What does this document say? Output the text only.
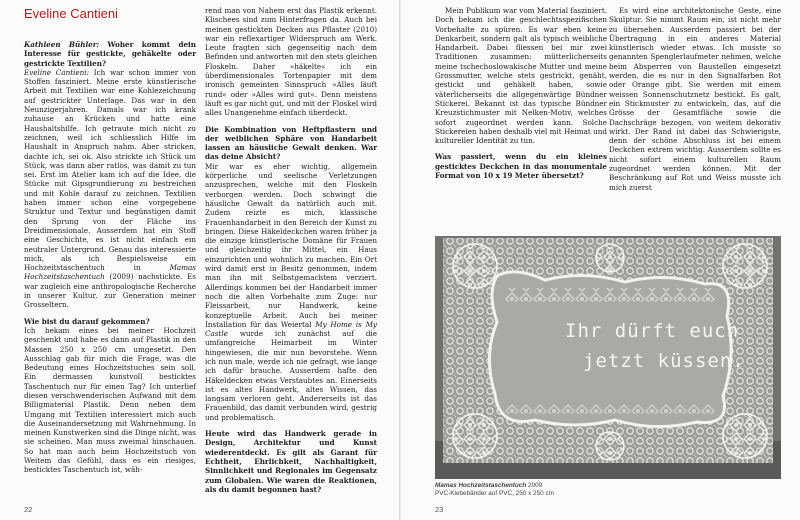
Eveline Cantieni

Kathleen Bühler: Woher kommt dein Interesse für gestickte, gehäkelte oder gestrickte Textilien?

Eveline Cantieni: Ich war schon immer von Stoffen fasziniert. Meine erste künstlerische Arbeit mit Textilien war eine Kohlezeichnung auf gestrickter Unterlage. Das war in den Neunzigerjahren. Damals war ich krank zuhause an Krücken und hatte eine Haushaltshilfe. Ich getraute mich nicht zu zeichnen, weil ich schliesslich Hilfe im Haushalt in Anspruch nahm. Aber stricken, dachte ich, sei ok. Also strickte ich Stück um Stück, was dann aber ratlos, was damit zu tun sei. Erst im Atelier kam ich auf die Idee, die Stücke mit Gipsgrundierung zu bestreichen und mit Kohle darauf zu zeichnen. Textilien haben immer schon eine vorgegebene Struktur und Textur und begünstigen damit den Sprung von der Fläche ins Dreidimensionale. Ausserdem hat ein Stoff eine Geschichte, es ist nicht einfach ein neutraler Untergrund. Genau das interessierte mich, als ich Bespielsweise ein Hochzeitstaschentuch in Mamas Hochzeitstaschentuch (2009) nachstickte. Es war zugleich eine anthropologische Recherche in unserer Kultur, zur Generation meiner Grosseltern.

Wie bist du darauf gekommen?

Ich bekam eines bei meiner Hochzeit geschenkt und habe es dann auf Plastik in den Massen 250 x 250 cm umgesetzt. Den Ausschlag gab für mich die Frage, was die Bedeutung eines Hochzeitstuches sein soll. Ein dermassen kunstvoll bestickt​es Taschentuch nur für einen Tag? Ich unterlief diesen verschwenderischen Aufwand mit dem Billigmaterial Plastik. Denn neben dem Umgang mit Textilien interessiert mich auch die Auseinandersetzung mit Wahrnehmung. In meinen Kunstwerken sind die Dinge nicht, was sie scheinen. Man muss zweimal hinschauen. So hat man auch beim Hochzeitstuch von Weitem das Gefühl, dass es ein riesiges, besticktes Taschentuch ist, wäh-

rend man von Nahem erst das Plastik erkennt. Klischees sind zum Hinterfragen da. Auch bei meinen gestickten Decken aus Pflaster (2010) war ein reflexartiger Widerspruch am Werk. Leute fragten sich gegenseitig nach dem Befinden und antworten mit den stets gleichen Floskeln. Daher »häkelte« ich ein überdimensionales Tortenpapier mit dem ironisch gemeinten Sinnspruch »Alles läuft rund« oder »Alles wird gut«. Denn meistens läuft es gar nicht gut, und mit der Floskel wird alles Unangenehme einfach überdeckt.

Die Kombination von Heftpflastern und der weiblichen Sphäre von Handarbeit lassen an häusliche Gewalt denken. War das deine Absicht?

Mir war es eher wichtig, allgemein körperliche und seelische Verletzungen anzusprechen, welche mit den Floskeln verborgen werden. Doch schwingt die häusliche Gewalt da natürlich auch mit. Zudem reizte es mich, klassische Frauenhandarbeit in den Bereich der Kunst zu bringen. Diese Häkeldeckchen waren früher ja die einzige künstlerische Domäne für Frauen und gleichzeitig ihr Mittel, ein Haus einzurichten und wohnlich zu machen. Ein Ort wird damit erst in Besitz genommen, indem man ihn mit Selbstgemachtem verziert. Allerdings kommen bei der Handarbeit immer noch die alten Vorbehalte zum Zuge: nur Fleissarbeit, nur Handwerk, keine konzeptuelle Arbeit. Auch bei meiner Installation für das Weiertal My Home is My Castle wurde ich zunächst auf die umfangreiche Heimarbeit im Winter hingewiesen, die mir nun bevorstehe. Wenn ich nun male, werde ich nie gefragt, wie lange ich dafür brauche. Ausserdem hafte den Häkeldecken etwas Verstaubtes an. Einerseits ist es altes Handwerk, altes Wissen, das langsam verloren geht. Andererseits ist das Frauenbild, das damit verbunden wird, gestrig und problematisch.

Heute wird das Handwerk gerade in Design, Architektur und Kunst wiederentdeckt. Es gilt als Garant für Echtheit, Ehrlichkeit, Nachhaltigkeit, Sinnlichkeit und Regionales im Gegensatz zum Globalen. Wie waren die Reaktionen, als du damit begonnen hast?

22

Mein Publikum war vom Material fasziniert. Doch bekam ich die geschlechtsspezifischen Vorbehalte zu spüren. Es war eben keine Denkarbeit, sondern galt als typisch weibliche Handarbeit. Dabei fliessen bei mir zwei Traditionen zusammen: mütterlicherseits meine tschechoslowakische Mutter und meine Grossmutter, welche stets gestrickt, genäht, gestickt und gehäkelt haben, sowie väterlicherseits die allgegenwärtige Bündner Stickerei. Bekannt ist das typische Bündner Kreuzstichmuster mit Nelken-Motiv, welches sofort zugeordnet werden kann. Solche Stickereien haben deshalb viel mit Heimat und kultureller Identität zu tun.

Was passiert, wenn du ein kleines gesticktes Deckchen in das monumentale Format von 10 x 19 Meter übersetzt?

Es wird eine architektonische Geste, eine Skulptur. Sie nimmt Raum ein, ist nicht mehr zu übersehen. Ausserdem passiert bei der Übertragung in ein anderes Material künstlerisch wieder etwas. Ich musste so genannten Spenglerlaufmeter nehmen, welche beim Absperren von Baustellen eingesetzt werden, die es nur in den Signalfarben Rot oder Orange gibt. Sie werden mit einem weissen Sonnenschutznetz bestickt. Es galt, ein Stickmuster zu entwickeln, das, auf die Grösse der Gesamtfläche sowie die Dachschräge bezogen, von weitem dekorativ wirkt. Der Rand ist dabei das Schwierigste, denn der schöne Abschluss ist bei einem Deckchen extrem wichtig. Ausserdem sollte es nicht sofort einem kulturellen Raum zugeordnet werden können. Mit der Beschränkung auf Rot und Weiss musste ich mich zuerst

Ihr dürft euch
jetzt küssen.
Mamas Hochzeitstaschentuch 2009
PVC-Klebebänder auf PVC, 250 x 250 cm
23
